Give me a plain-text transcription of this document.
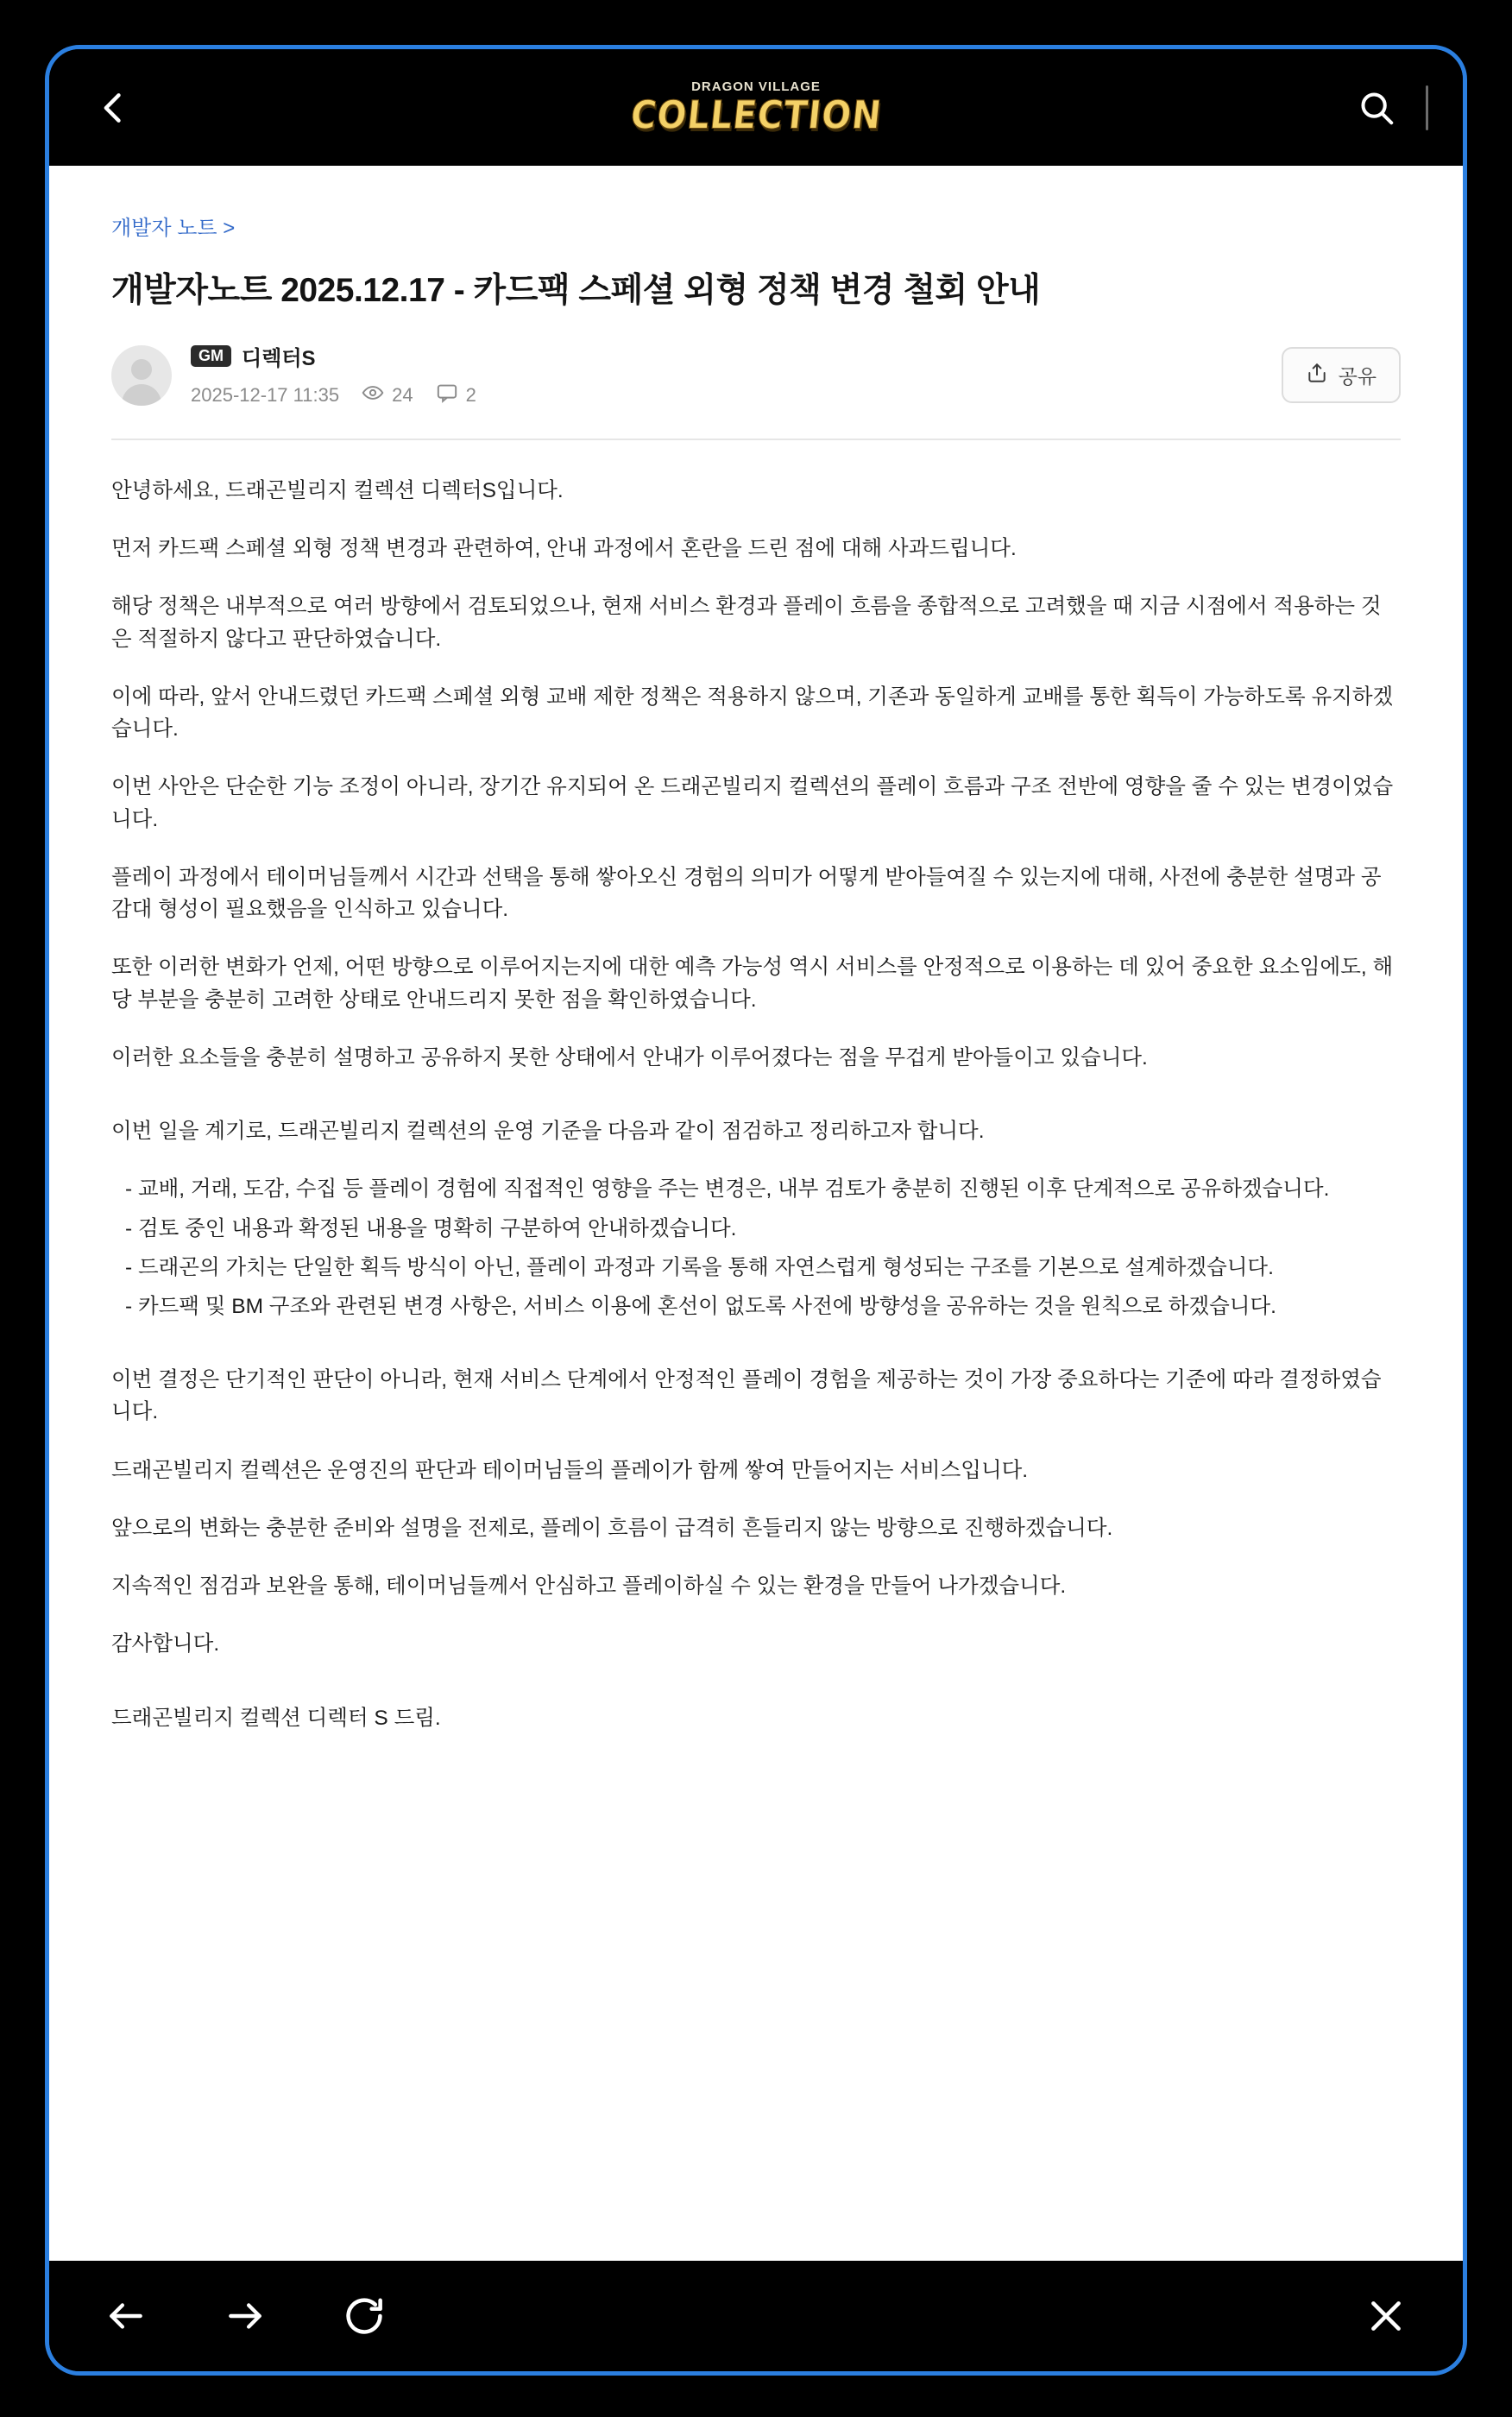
DRAGON VILLAGE
COLLECTION
개발자 노트 >
개발자노트 2025.12.17 - 카드팩 스페셜 외형 정책 변경 철회 안내
GM 디렉터S
2025-12-17 11:35	24	2
공유

안녕하세요, 드래곤빌리지 컬렉션 디렉터S입니다.

먼저 카드팩 스페셜 외형 정책 변경과 관련하여, 안내 과정에서 혼란을 드린 점에 대해 사과드립니다.

해당 정책은 내부적으로 여러 방향에서 검토되었으나, 현재 서비스 환경과 플레이 흐름을 종합적으로 고려했을 때 지금 시점에서 적용하는 것은 적절하지 않다고 판단하였습니다.

이에 따라, 앞서 안내드렸던 카드팩 스페셜 외형 교배 제한 정책은 적용하지 않으며, 기존과 동일하게 교배를 통한 획득이 가능하도록 유지하겠습니다.

이번 사안은 단순한 기능 조정이 아니라, 장기간 유지되어 온 드래곤빌리지 컬렉션의 플레이 흐름과 구조 전반에 영향을 줄 수 있는 변경이었습니다.

플레이 과정에서 테이머님들께서 시간과 선택을 통해 쌓아오신 경험의 의미가 어떻게 받아들여질 수 있는지에 대해, 사전에 충분한 설명과 공감대 형성이 필요했음을 인식하고 있습니다.

또한 이러한 변화가 언제, 어떤 방향으로 이루어지는지에 대한 예측 가능성 역시 서비스를 안정적으로 이용하는 데 있어 중요한 요소임에도, 해당 부분을 충분히 고려한 상태로 안내드리지 못한 점을 확인하였습니다.

이러한 요소들을 충분히 설명하고 공유하지 못한 상태에서 안내가 이루어졌다는 점을 무겁게 받아들이고 있습니다.

이번 일을 계기로, 드래곤빌리지 컬렉션의 운영 기준을 다음과 같이 점검하고 정리하고자 합니다.

- 교배, 거래, 도감, 수집 등 플레이 경험에 직접적인 영향을 주는 변경은, 내부 검토가 충분히 진행된 이후 단계적으로 공유하겠습니다.
- 검토 중인 내용과 확정된 내용을 명확히 구분하여 안내하겠습니다.
- 드래곤의 가치는 단일한 획득 방식이 아닌, 플레이 과정과 기록을 통해 자연스럽게 형성되는 구조를 기본으로 설계하겠습니다.
- 카드팩 및 BM 구조와 관련된 변경 사항은, 서비스 이용에 혼선이 없도록 사전에 방향성을 공유하는 것을 원칙으로 하겠습니다.

이번 결정은 단기적인 판단이 아니라, 현재 서비스 단계에서 안정적인 플레이 경험을 제공하는 것이 가장 중요하다는 기준에 따라 결정하였습니다.

드래곤빌리지 컬렉션은 운영진의 판단과 테이머님들의 플레이가 함께 쌓여 만들어지는 서비스입니다.

앞으로의 변화는 충분한 준비와 설명을 전제로, 플레이 흐름이 급격히 흔들리지 않는 방향으로 진행하겠습니다.

지속적인 점검과 보완을 통해, 테이머님들께서 안심하고 플레이하실 수 있는 환경을 만들어 나가겠습니다.

감사합니다.

드래곤빌리지 컬렉션 디렉터 S 드림.
